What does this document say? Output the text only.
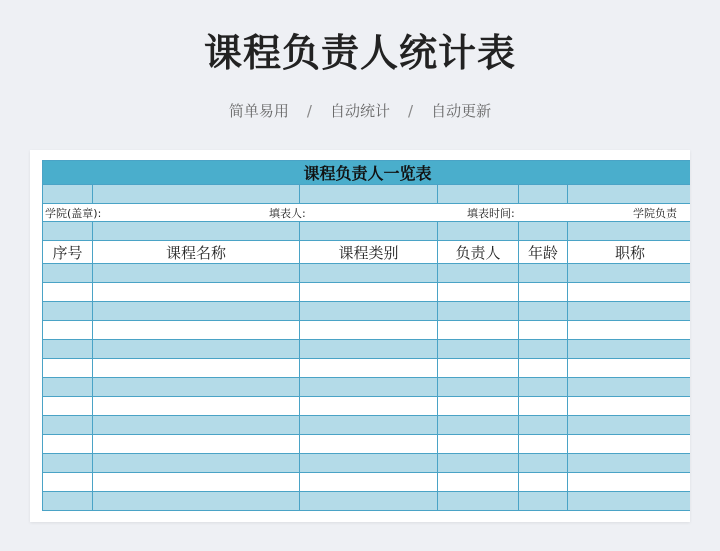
课程负责人统计表
简单易用 / 自动统计 / 自动更新
课程负责人一览表					

学院(盖章): 填表人: 填表时间: 学院负责					

序号	课程名称	课程类别	负责人	年龄	职称
